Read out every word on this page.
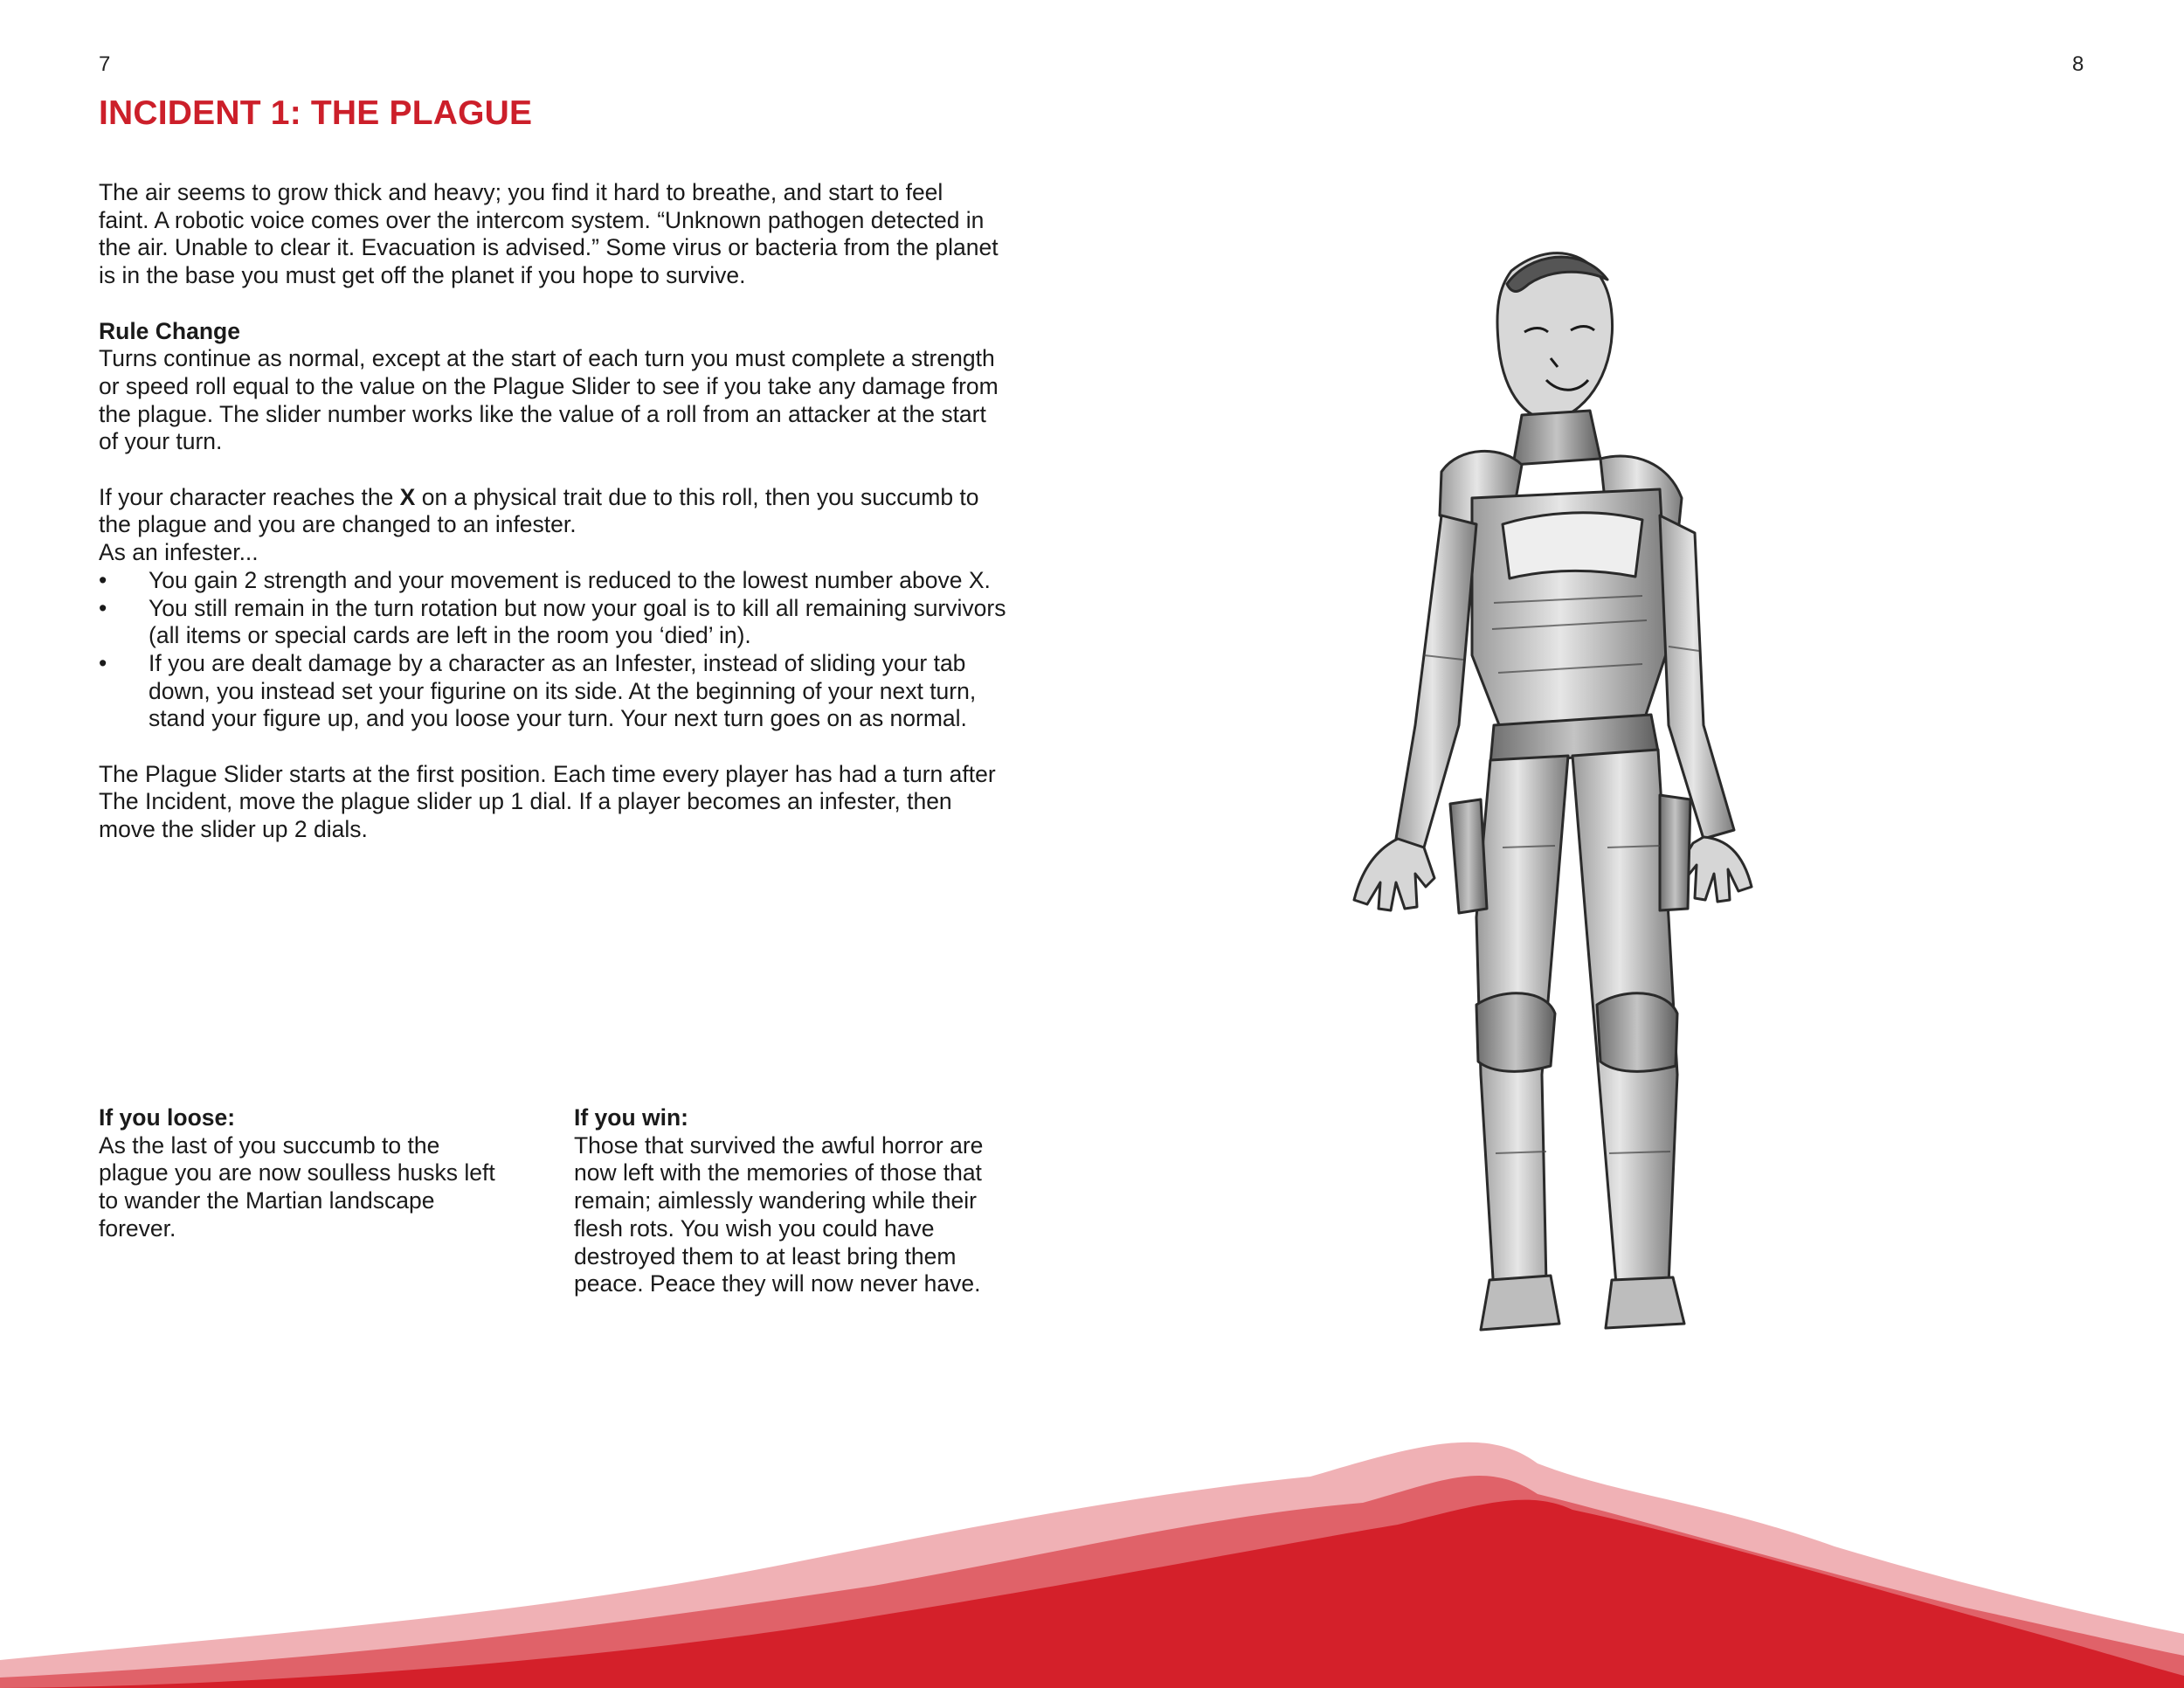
7	8
INCIDENT 1: THE PLAGUE

The air seems to grow thick and heavy; you find it hard to breathe, and start to feel faint. A robotic voice comes over the intercom system. “Unknown pathogen detected in the air. Unable to clear it. Evacuation is advised.” Some virus or bacteria from the planet is in the base you must get off the planet if you hope to survive.

Rule Change

Turns continue as normal, except at the start of each turn you must complete a strength or speed roll equal to the value on the Plague Slider to see if you take any damage from the plague. The slider number works like the value of a roll from an attacker at the start of your turn.

If your character reaches the X on a physical trait due to this roll, then you succumb to the plague and you are changed to an infester.

As an infester...
• You gain 2 strength and your movement is reduced to the lowest number above X.
• You still remain in the turn rotation but now your goal is to kill all remaining survivors (all items or special cards are left in the room you ‘died’ in).
• If you are dealt damage by a character as an Infester, instead of sliding your tab down, you instead set your figurine on its side. At the beginning of your next turn, stand your figure up, and you loose your turn. Your next turn goes on as normal.

The Plague Slider starts at the first position. Each time every player has had a turn after The Incident, move the plague slider up 1 dial. If a player becomes an infester, then move the slider up 2 dials.

If you loose:
As the last of you succumb to the plague you are now soulless husks left to wander the Martian landscape forever.
If you win:
Those that survived the awful horror are now left with the memories of those that remain; aimlessly wandering while their flesh rots. You wish you could have destroyed them to at least bring them peace. Peace they will now never have.
